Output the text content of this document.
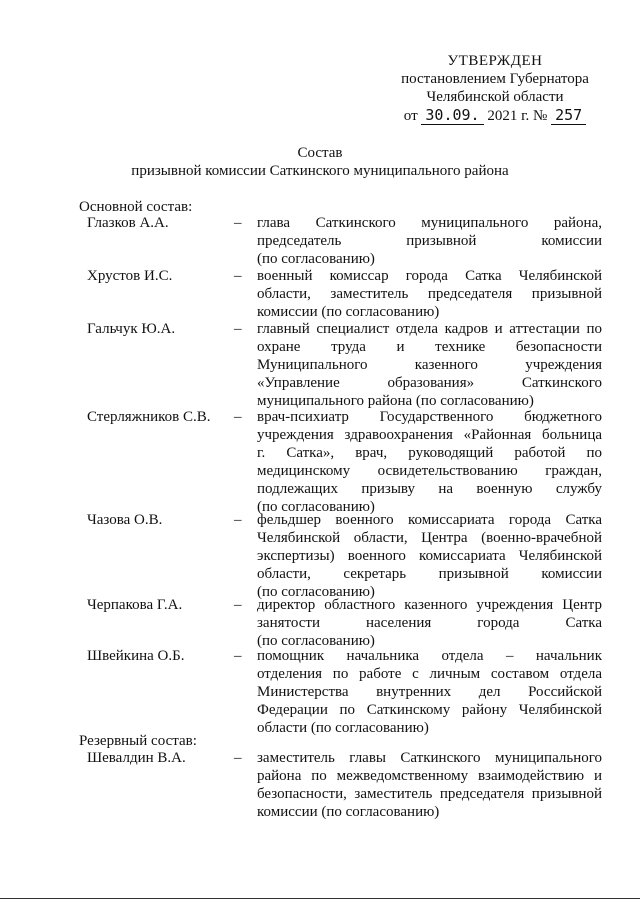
УТВЕРЖДЕН
постановлением Губернатора
Челябинской области
от 30.09. 2021 г. № 257
Состав
призывной комиссии Саткинского муниципального района
Основной состав:
Глазков А.А.	– глава Саткинского муниципального района,
председатель призывной комиссии
(по согласованию)
Хрустов И.С.	– военный комиссар города Сатка Челябинской
области, заместитель председателя призывной
комиссии (по согласованию)
Гальчук Ю.А.	– главный специалист отдела кадров и аттестации по
охране труда и технике безопасности
Муниципального казенного учреждения
«Управление образования» Саткинского
муниципального района (по согласованию)
Стерляжников С.В.	– врач-психиатр Государственного бюджетного
учреждения здравоохранения «Районная больница
г. Сатка», врач, руководящий работой по
медицинскому освидетельствованию граждан,
подлежащих призыву на военную службу
(по согласованию)
Чазова О.В.	– фельдшер военного комиссариата города Сатка
Челябинской области, Центра (военно-врачебной
экспертизы) военного комиссариата Челябинской
области, секретарь призывной комиссии
(по согласованию)
Черпакова Г.А.	– директор областного казенного учреждения Центр
занятости населения города Сатка
(по согласованию)
Швейкина О.Б.	– помощник начальника отдела – начальник
отделения по работе с личным составом отдела
Министерства внутренних дел Российской
Федерации по Саткинскому району Челябинской
области (по согласованию)
Резервный состав:
Шевалдин В.А.	– заместитель главы Саткинского муниципального
района по межведомственному взаимодействию и
безопасности, заместитель председателя призывной
комиссии (по согласованию)
